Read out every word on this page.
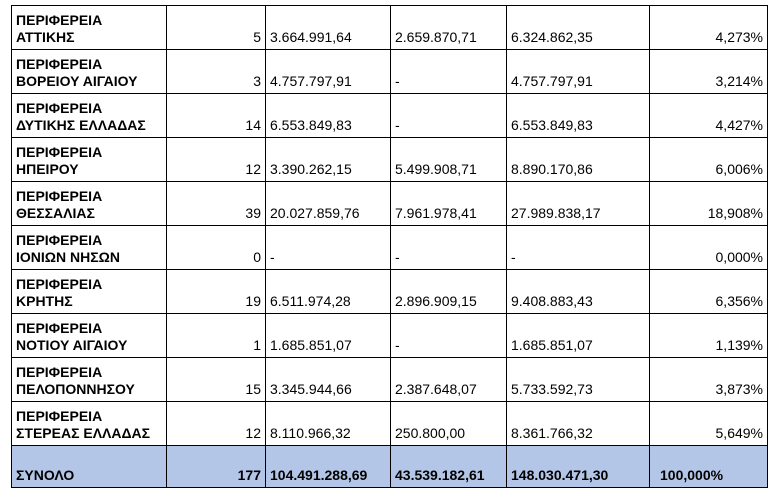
ΠΕΡΙΦΕΡΕΙΑ
ΑΤΤΙΚΗΣ	5	3.664.991,64	2.659.870,71	6.324.862,35	4,273%

ΠΕΡΙΦΕΡΕΙΑ
ΒΟΡΕΙΟΥ ΑΙΓΑΙΟΥ	3	4.757.797,91	-	4.757.797,91	3,214%

ΠΕΡΙΦΕΡΕΙΑ
ΔΥΤΙΚΗΣ ΕΛΛΑΔΑΣ	14	6.553.849,83	-	6.553.849,83	4,427%

ΠΕΡΙΦΕΡΕΙΑ
ΗΠΕΙΡΟΥ	12	3.390.262,15	5.499.908,71	8.890.170,86	6,006%

ΠΕΡΙΦΕΡΕΙΑ
ΘΕΣΣΑΛΙΑΣ	39	20.027.859,76	7.961.978,41	27.989.838,17	18,908%

ΠΕΡΙΦΕΡΕΙΑ
ΙΟΝΙΩΝ ΝΗΣΩΝ	0	-	-	-	0,000%

ΠΕΡΙΦΕΡΕΙΑ
ΚΡΗΤΗΣ	19	6.511.974,28	2.896.909,15	9.408.883,43	6,356%

ΠΕΡΙΦΕΡΕΙΑ
ΝΟΤΙΟΥ ΑΙΓΑΙΟΥ	1	1.685.851,07	-	1.685.851,07	1,139%

ΠΕΡΙΦΕΡΕΙΑ
ΠΕΛΟΠΟΝΝΗΣΟΥ	15	3.345.944,66	2.387.648,07	5.733.592,73	3,873%

ΠΕΡΙΦΕΡΕΙΑ
ΣΤΕΡΕΑΣ ΕΛΛΑΔΑΣ	12	8.110.966,32	250.800,00	8.361.766,32	5,649%
ΣΥΝΟΛΟ	177	104.491.288,69	43.539.182,61	148.030.471,30	100,000%
